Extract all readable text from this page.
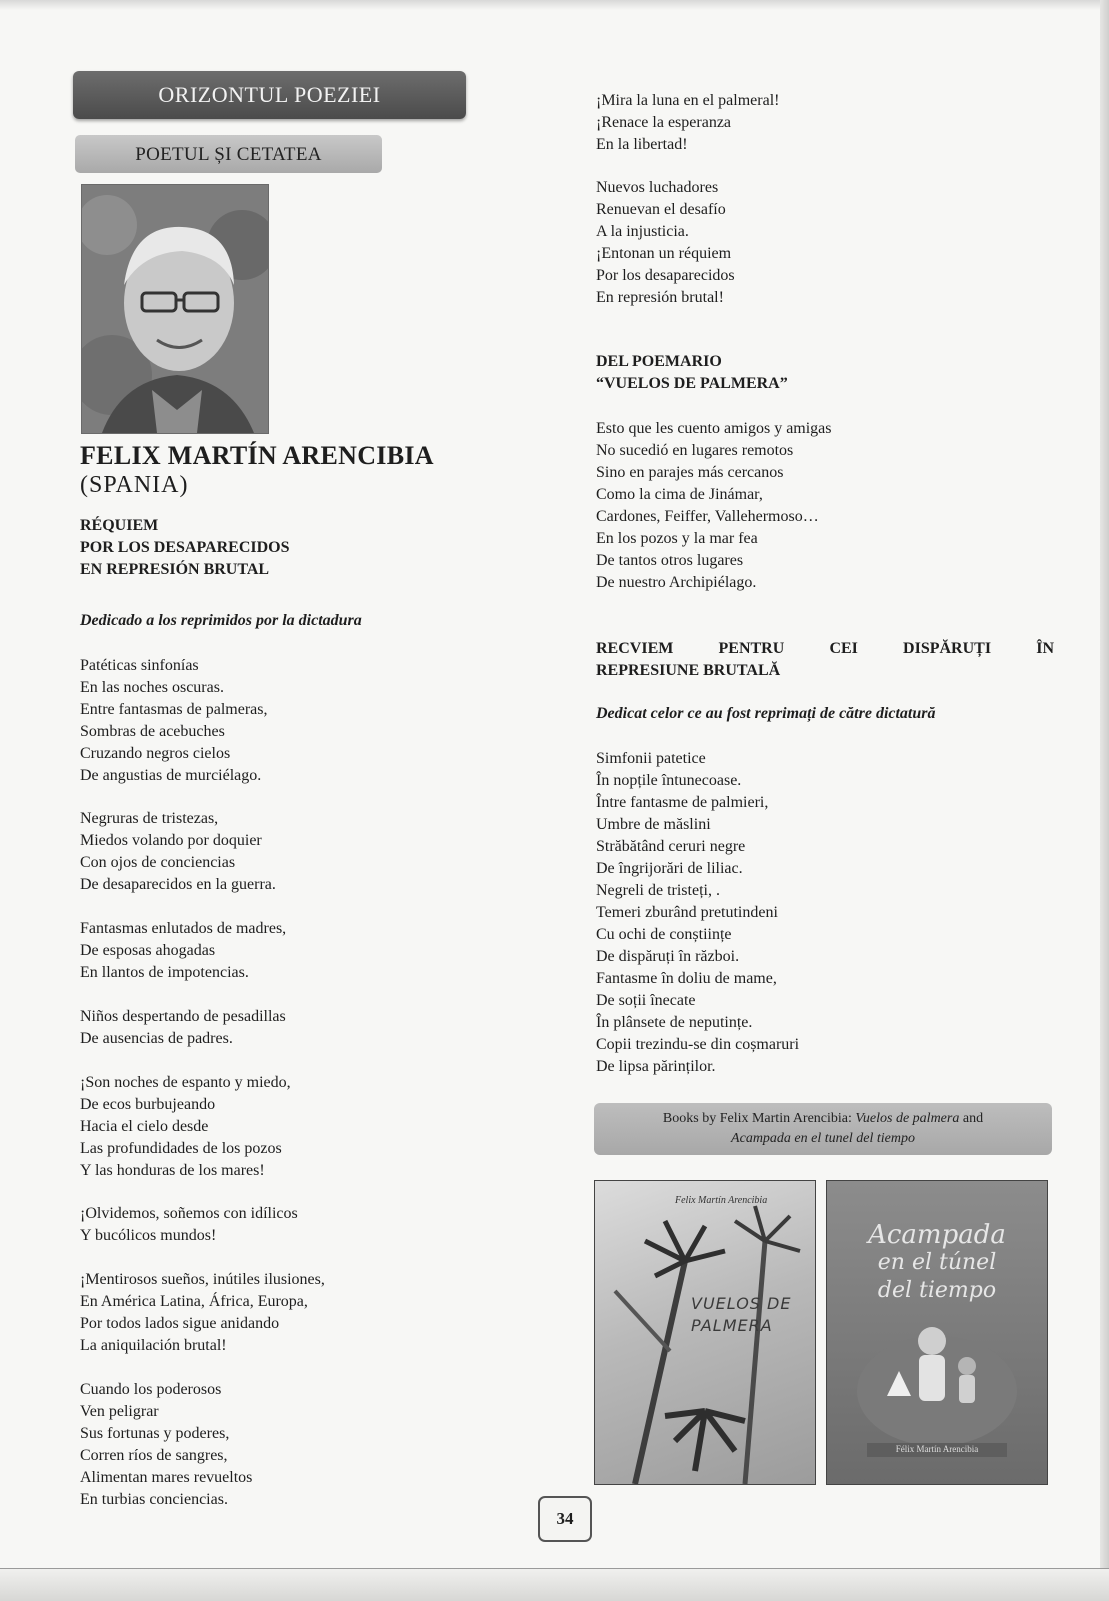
ORIZONTUL POEZIEI
POETUL ȘI CETATEA
FELIX MARTÍN ARENCIBIA
(SPANIA)
RÉQUIEM
POR LOS DESAPARECIDOS
EN REPRESIÓN BRUTAL
Dedicado a los reprimidos por la dictadura
Patéticas sinfonías
En las noches oscuras.
Entre fantasmas de palmeras,
Sombras de acebuches
Cruzando negros cielos
De angustias de murciélago.
Negruras de tristezas,
Miedos volando por doquier
Con ojos de conciencias
De desaparecidos en la guerra.
Fantasmas enlutados de madres,
De esposas ahogadas
En llantos de impotencias.
Niños despertando de pesadillas
De ausencias de padres.
¡Son noches de espanto y miedo,
De ecos burbujeando
Hacia el cielo desde
Las profundidades de los pozos
Y las honduras de los mares!
¡Olvidemos, soñemos con idílicos
Y bucólicos mundos!
¡Mentirosos sueños, inútiles ilusiones,
En América Latina, África, Europa,
Por todos lados sigue anidando
La aniquilación brutal!
Cuando los poderosos
Ven peligrar
Sus fortunas y poderes,
Corren ríos de sangres,
Alimentan mares revueltos
En turbias conciencias.
¡Mira la luna en el palmeral!
¡Renace la esperanza
En la libertad!
Nuevos luchadores
Renuevan el desafío
A la injusticia.
¡Entonan un réquiem
Por los desaparecidos
En represión brutal!
DEL POEMARIO
“VUELOS DE PALMERA”
Esto que les cuento amigos y amigas
No sucedió en lugares remotos
Sino en parajes más cercanos
Como la cima de Jinámar,
Cardones, Feiffer, Vallehermoso…
En los pozos y la mar fea
De tantos otros lugares
De nuestro Archipiélago.
RECVIEM	PENTRU	CEI	DISPĂRUȚI	ÎN
REPRESIUNE BRUTALĂ
Dedicat celor ce au fost reprimați de către dictatură
Simfonii patetice
În nopțile întunecoase.
Între fantasme de palmieri,
Umbre de măslini
Străbătând ceruri negre
De îngrijorări de liliac.
Negreli de tristeți, .
Temeri zburând pretutindeni
Cu ochi de conștiințe
De dispăruți în război.
Fantasme în doliu de mame,
De soții înecate
În plânsete de neputințe.
Copii trezindu-se din coșmaruri
De lipsa părinților.
Books by Felix Martin Arencibia: Vuelos de palmera and
Acampada en el tunel del tiempo
Felix Martín Arencibia
VUELOS DE
PALMERA
Acampada
en el túnel
del tiempo
Félix Martín Arencibia
34
